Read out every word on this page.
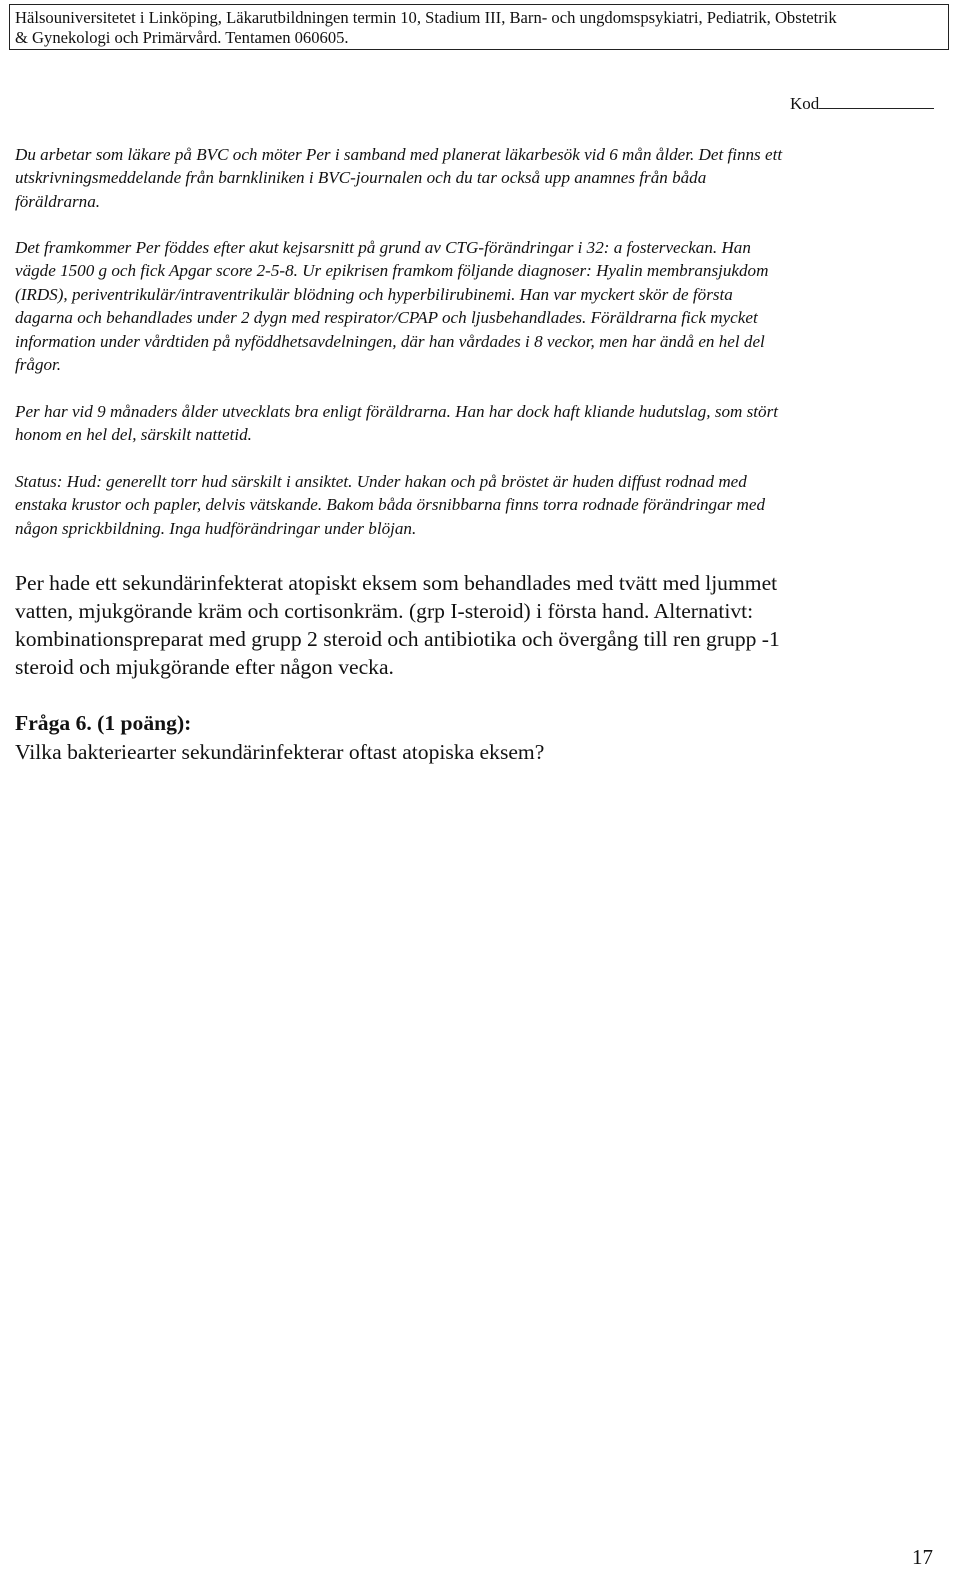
Hälsouniversitetet i Linköping, Läkarutbildningen termin 10, Stadium III, Barn- och ungdomspsykiatri, Pediatrik, Obstetrik
& Gynekologi och Primärvård. Tentamen 060605.
Kod

Du arbetar som läkare på BVC och möter Per i samband med planerat läkarbesök vid 6 mån ålder. Det finns ett
utskrivningsmeddelande från barnkliniken i BVC-journalen och du tar också upp anamnes från båda
föräldrarna.

Det framkommer Per föddes efter akut kejsarsnitt på grund av CTG-förändringar i 32: a fosterveckan. Han
vägde 1500 g och fick Apgar score 2-5-8. Ur epikrisen framkom följande diagnoser: Hyalin membransjukdom
(IRDS), periventrikulär/intraventrikulär blödning och hyperbilirubinemi. Han var myckert skör de första
dagarna och behandlades under 2 dygn med respirator/CPAP och ljusbehandlades. Föräldrarna fick mycket
information under vårdtiden på nyföddhetsavdelningen, där han vårdades i 8 veckor, men har ändå en hel del
frågor.

Per har vid 9 månaders ålder utvecklats bra enligt föräldrarna. Han har dock haft kliande hudutslag, som stört
honom en hel del, särskilt nattetid.

Status: Hud: generellt torr hud särskilt i ansiktet. Under hakan och på bröstet är huden diffust rodnad med
enstaka krustor och papler, delvis vätskande. Bakom båda örsnibbarna finns torra rodnade förändringar med
någon sprickbildning. Inga hudförändringar under blöjan.

Per hade ett sekundärinfekterat atopiskt eksem som behandlades med tvätt med ljummet
vatten, mjukgörande kräm och cortisonkräm. (grp I-steroid) i första hand. Alternativt:
kombinationspreparat med grupp 2 steroid och antibiotika och övergång till ren grupp -1
steroid och mjukgörande efter någon vecka.

Fråga 6. (1 poäng):

Vilka bakteriearter sekundärinfekterar oftast atopiska eksem?

17
